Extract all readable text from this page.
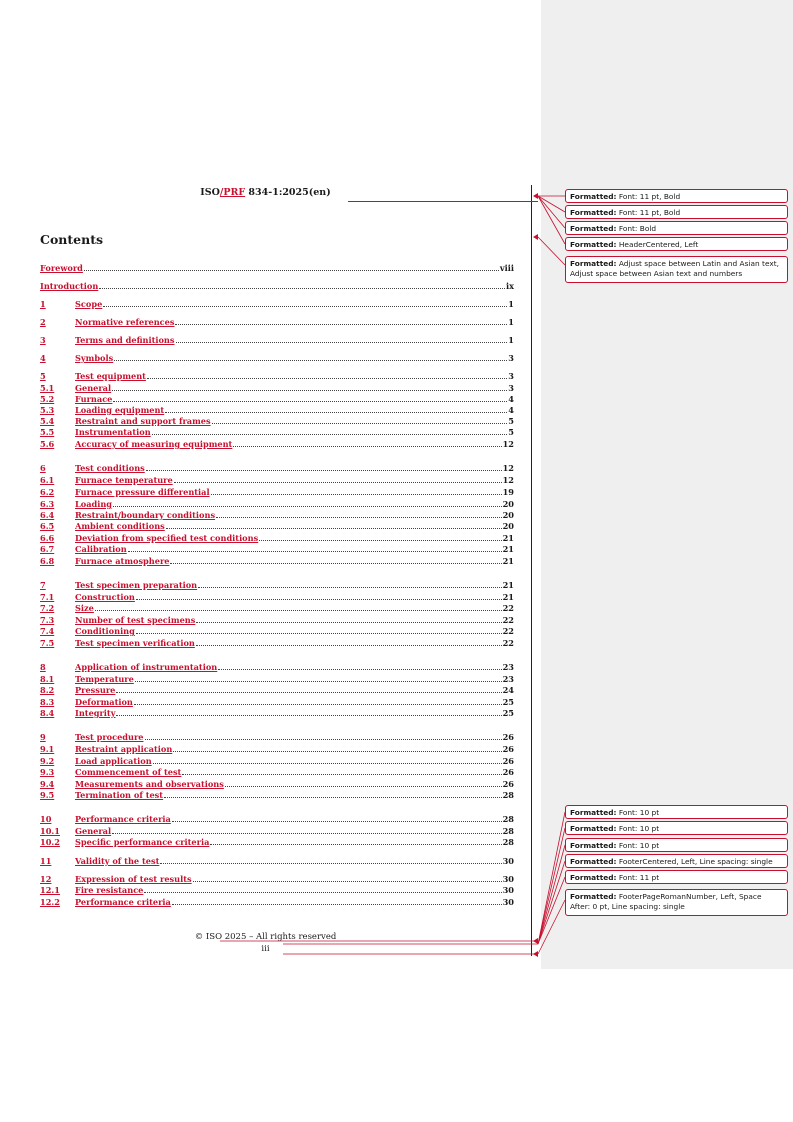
ISO/PRF 834-1:2025(en)
Contents
Foreword	viii
Introduction	ix
1	Scope	1
2	Normative references	1
3	Terms and definitions	1
4	Symbols	3
5	Test equipment	3
5.1	General	3
5.2	Furnace	4
5.3	Loading equipment	4
5.4	Restraint and support frames	5
5.5	Instrumentation	5
5.6	Accuracy of measuring equipment	12
6	Test conditions	12
6.1	Furnace temperature	12
6.2	Furnace pressure differential	19
6.3	Loading	20
6.4	Restraint/boundary conditions	20
6.5	Ambient conditions	20
6.6	Deviation from specified test conditions	21
6.7	Calibration	21
6.8	Furnace atmosphere	21
7	Test specimen preparation	21
7.1	Construction	21
7.2	Size	22
7.3	Number of test specimens	22
7.4	Conditioning	22
7.5	Test specimen verification	22
8	Application of instrumentation	23
8.1	Temperature	23
8.2	Pressure	24
8.3	Deformation	25
8.4	Integrity	25
9	Test procedure	26
9.1	Restraint application	26
9.2	Load application	26
9.3	Commencement of test	26
9.4	Measurements and observations	26
9.5	Termination of test	28
10	Performance criteria	28
10.1	General	28
10.2	Specific performance criteria	28
11	Validity of the test	30
12	Expression of test results	30
12.1	Fire resistance	30
12.2	Performance criteria	30
© ISO 2025 – All rights reserved
iii
Formatted: Font: 11 pt, Bold
Formatted: Font: 11 pt, Bold
Formatted: Font: Bold
Formatted: HeaderCentered, Left
Formatted: Adjust space between Latin and Asian text, Adjust space between Asian text and numbers
Formatted: Font: 10 pt
Formatted: Font: 10 pt
Formatted: Font: 10 pt
Formatted: FooterCentered, Left, Line spacing: single
Formatted: Font: 11 pt
Formatted: FooterPageRomanNumber, Left, Space After: 0 pt, Line spacing: single
